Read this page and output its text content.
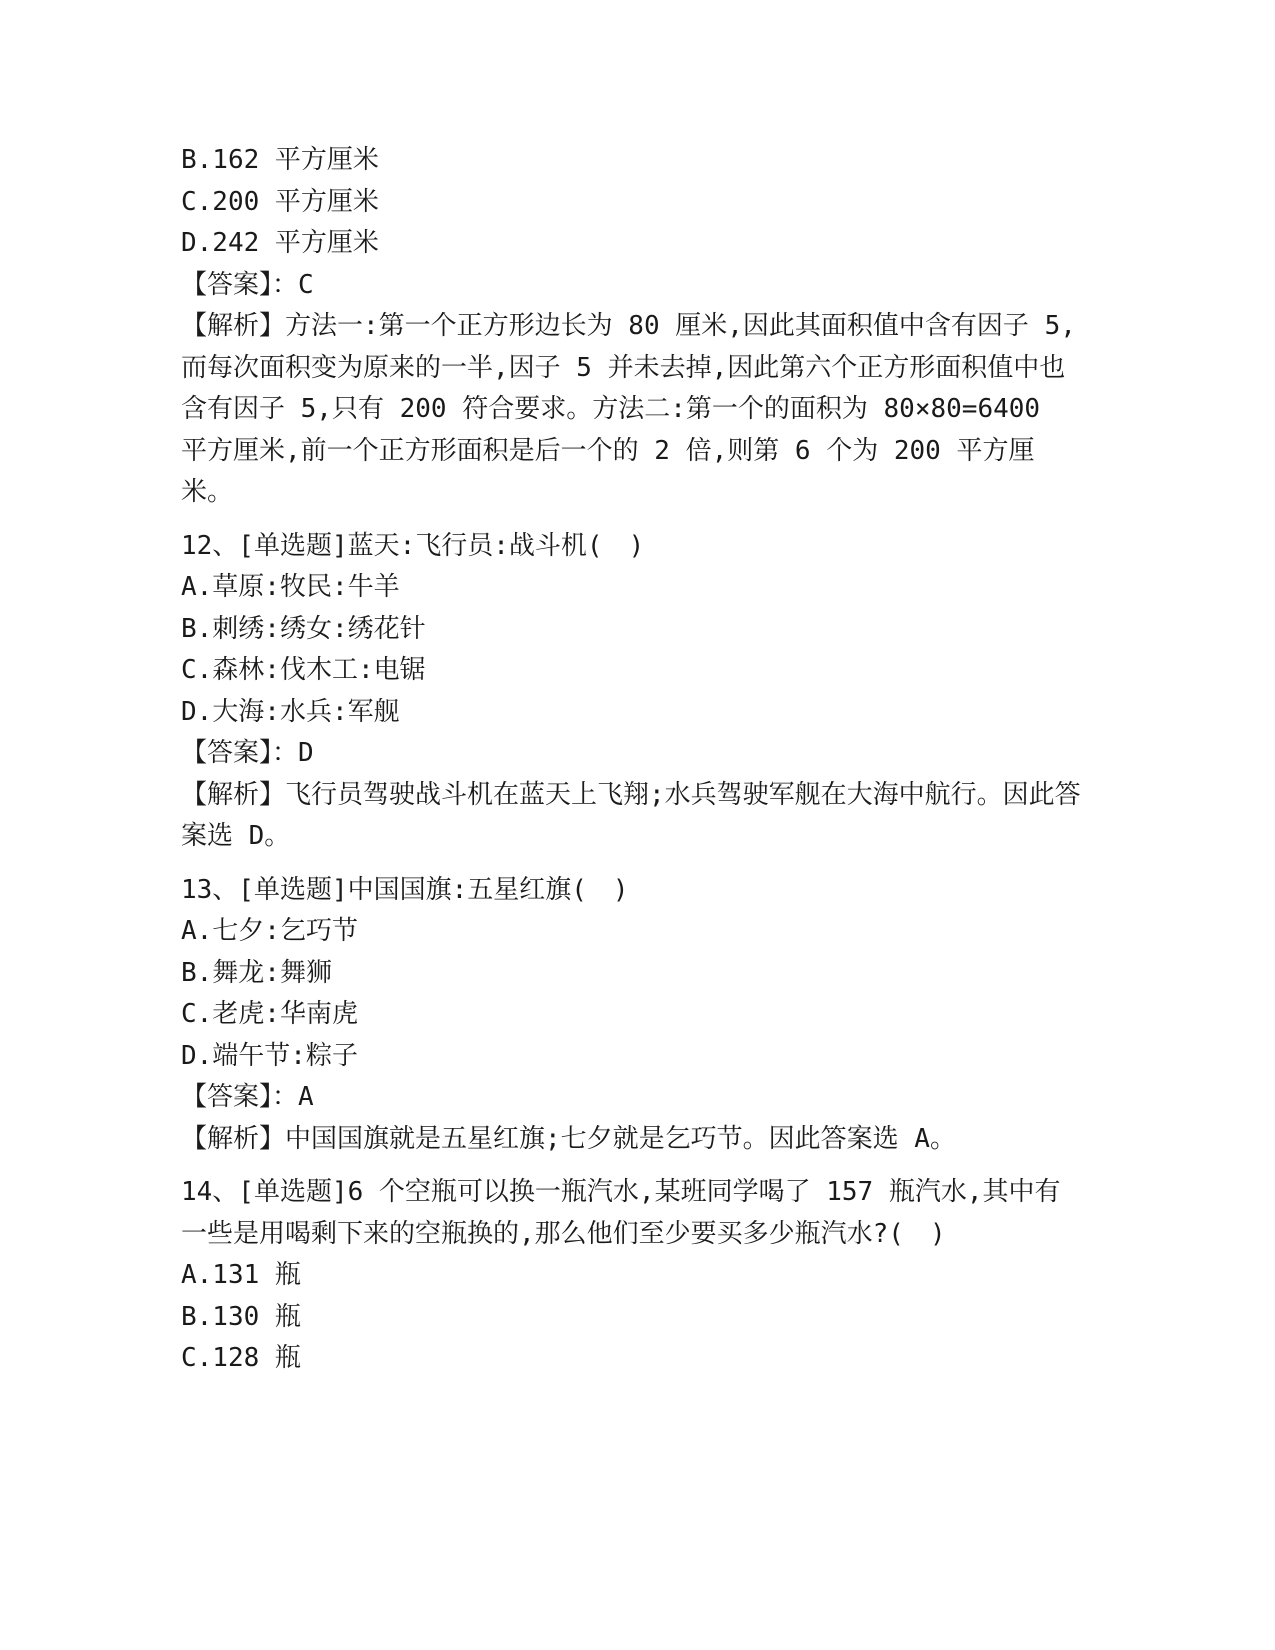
B.162 平方厘米
C.200 平方厘米
D.242 平方厘米
【答案】：C
【解析】方法一:第一个正方形边长为 80 厘米,因此其面积值中含有因子 5,而每次面积变为原来的一半,因子 5 并未去掉,因此第六个正方形面积值中也含有因子 5,只有 200 符合要求。方法二:第一个的面积为 80×80=6400 平方厘米,前一个正方形面积是后一个的 2 倍,则第 6 个为 200 平方厘米。
12、[单选题]蓝天:飞行员:战斗机(　)
A.草原:牧民:牛羊
B.刺绣:绣女:绣花针
C.森林:伐木工:电锯
D.大海:水兵:军舰
【答案】：D
【解析】飞行员驾驶战斗机在蓝天上飞翔;水兵驾驶军舰在大海中航行。因此答案选 D。
13、[单选题]中国国旗:五星红旗(　)
A.七夕:乞巧节
B.舞龙:舞狮
C.老虎:华南虎
D.端午节:粽子
【答案】：A
【解析】中国国旗就是五星红旗;七夕就是乞巧节。因此答案选 A。
14、[单选题]6 个空瓶可以换一瓶汽水,某班同学喝了 157 瓶汽水,其中有一些是用喝剩下来的空瓶换的,那么他们至少要买多少瓶汽水?(　)
A.131 瓶
B.130 瓶
C.128 瓶
